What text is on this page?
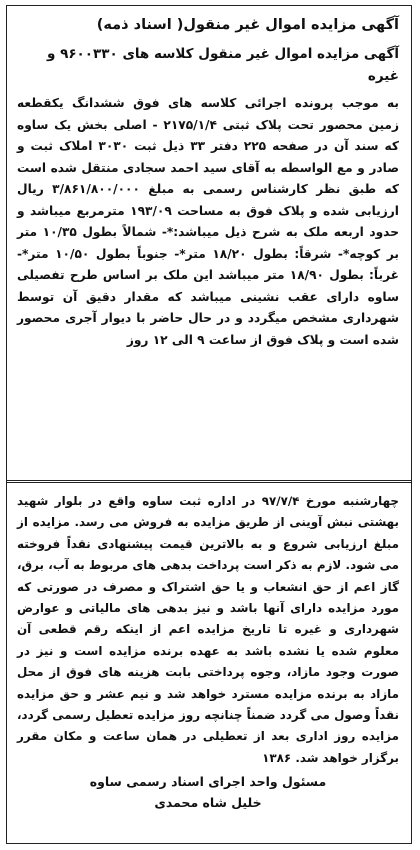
آگهی مزایده اموال غیر منقول( اسناد ذمه)
آگهی مزایده اموال غیر منقول کلاسه های ۹۶۰۰۳۳۰ و غیره

به موجب پرونده اجرائی کلاسه های فوق ششدانگ یکقطعه زمین محصور تحت پلاک ثبتی ۲۱۷۵/۱/۴ - اصلی بخش یک ساوه که سند آن در صفحه ۲۲۵ دفتر ۳۳ ذیل ثبت ۳۰۳۰ املاک ثبت و صادر و مع الواسطه به آقای سید احمد سجادی منتقل شده است که طبق نظر کارشناس رسمی به مبلغ ۳/۸۶۱/۸۰۰/۰۰۰ ریال ارزیابی شده و پلاک فوق به مساحت ۱۹۳/۰۹ مترمربع میباشد و حدود اربعه ملک به شرح ذیل میباشد:*- شمالاً بطول ۱۰/۳۵ متر بر کوچه*- شرقاً: بطول ۱۸/۲۰ متر*- جنوباً بطول ۱۰/۵۰ متر*- غرباً: بطول ۱۸/۹۰ متر میباشد این ملک بر اساس طرح تفصیلی ساوه دارای عقب نشینی میباشد که مقدار دقیق آن توسط شهرداری مشخص میگردد و در حال حاضر با دیوار آجری محصور شده است و پلاک فوق از ساعت ۹ الی ۱۲ روز

چهارشنبه مورخ ۹۷/۷/۴ در اداره ثبت ساوه واقع در بلوار شهید بهشتی نبش آوینی از طریق مزایده به فروش می رسد. مزایده از مبلغ ارزیابی شروع و به بالاترین قیمت پیشنهادی نقداً فروخته می شود. لازم به ذکر است پرداخت بدهی های مربوط به آب، برق، گاز اعم از حق انشعاب و یا حق اشتراک و مصرف در صورتی که مورد مزایده دارای آنها باشد و نیز بدهی های مالیاتی و عوارض شهرداری و غیره تا تاریخ مزایده اعم از اینکه رقم قطعی آن معلوم شده یا نشده باشد به عهده برنده مزایده است و نیز در صورت وجود مازاد، وجوه پرداختی بابت هزینه های فوق از محل مازاد به برنده مزایده مسترد خواهد شد و نیم عشر و حق مزایده نقداً وصول می گردد ضمناً چنانچه روز مزایده تعطیل رسمی گردد، مزایده روز اداری بعد از تعطیلی در همان ساعت و مکان مقرر برگزار خواهد شد. ۱۳۸۶

مسئول واحد اجرای اسناد رسمی ساوه
خلیل شاه محمدی
